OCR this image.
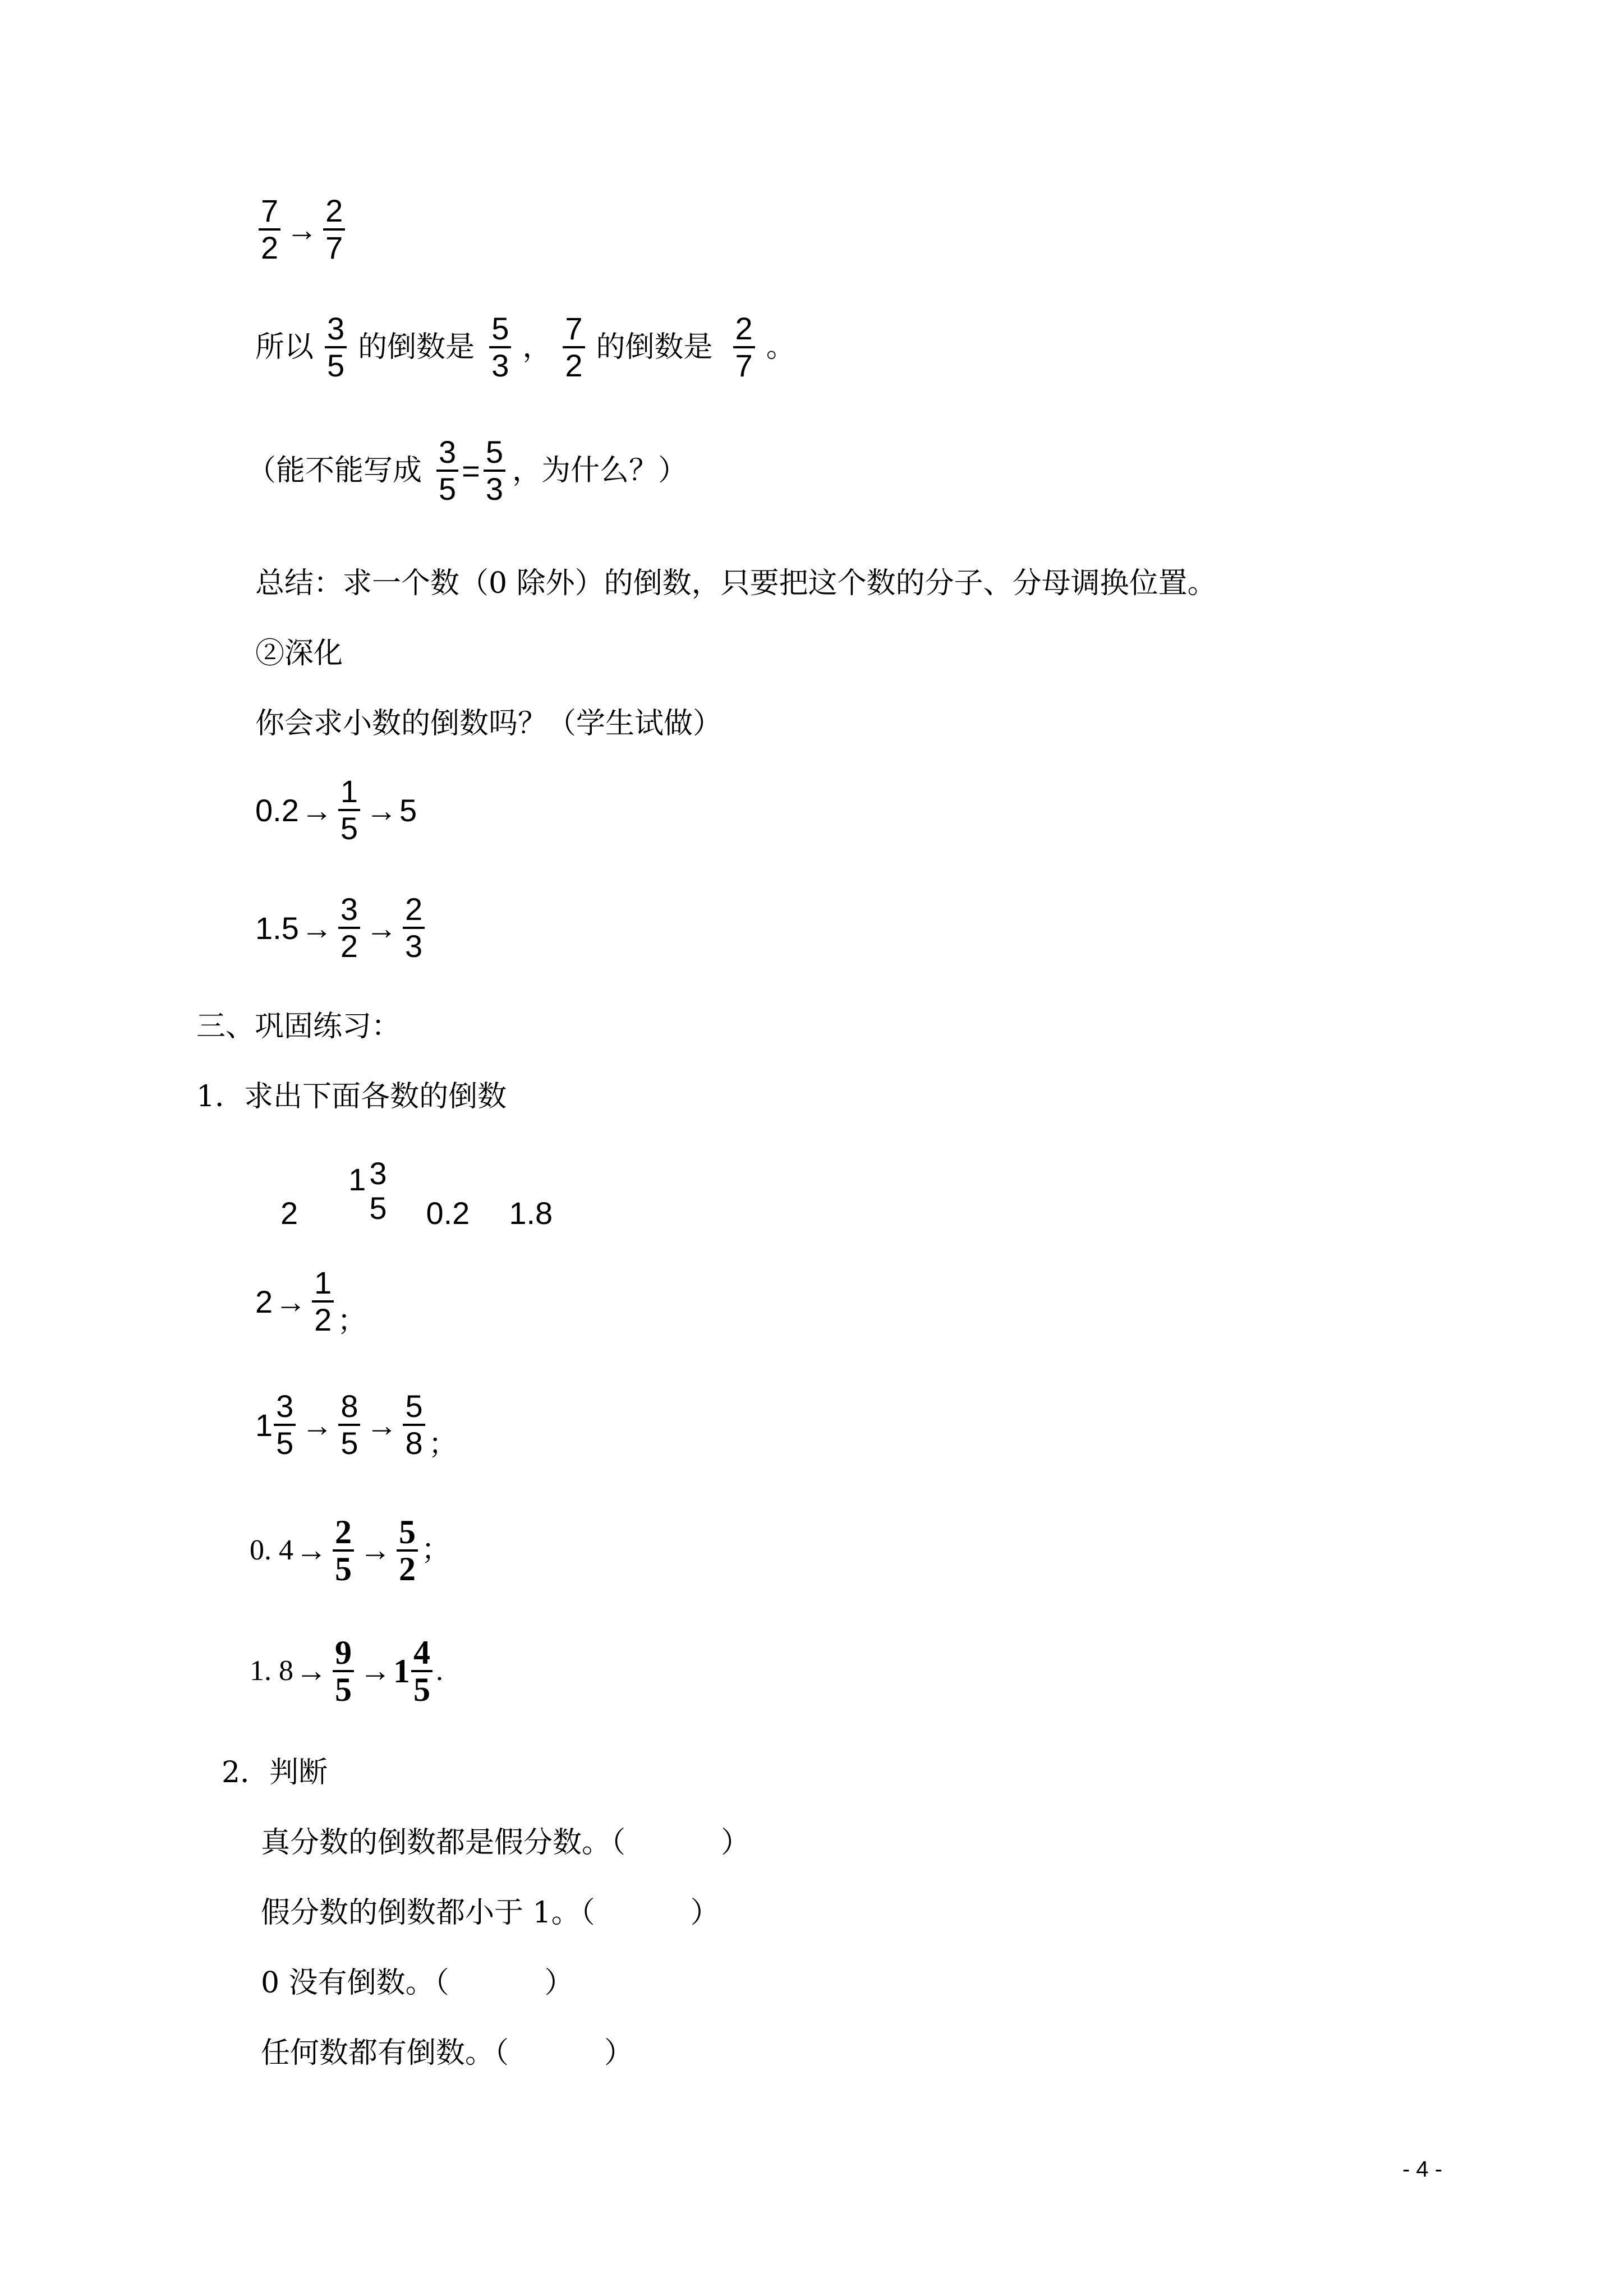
$\frac{7}{2} \to \frac{2}{7}$
所以 $\frac{3}{5}$ 的倒数是 $\frac{5}{3}$ ， $\frac{7}{2}$ 的倒数是 $\frac{2}{7}$ 。
（能不能写成 $\frac{3}{5} = \frac{5}{3}$ ，为什么？）
总结：求一个数（0 除外）的倒数，只要把这个数的分子、分母调换位置。
②深化
你会求小数的倒数吗？（学生试做）
$0.2 \to \frac{1}{5} \to 5$
$1.5 \to \frac{3}{2} \to \frac{2}{3}$
三、巩固练习：
1．求出下面各数的倒数
2
1 3
5 0.2 1.8
$2 \to \frac{1}{2}$ ；
$1 \frac{3}{5} \to \frac{8}{5} \to \frac{5}{8}$ ；
0. $4 \to \frac{2}{5} \to \frac{5}{2}$ ；
1. $8 \to \frac{9}{5} \to 1 \frac{4}{5}$ .
2．判断
真分数的倒数都是假分数。（	）
假分数的倒数都小于 1。（	）
0 没有倒数。（	）
任何数都有倒数。（	）
- 4 -
